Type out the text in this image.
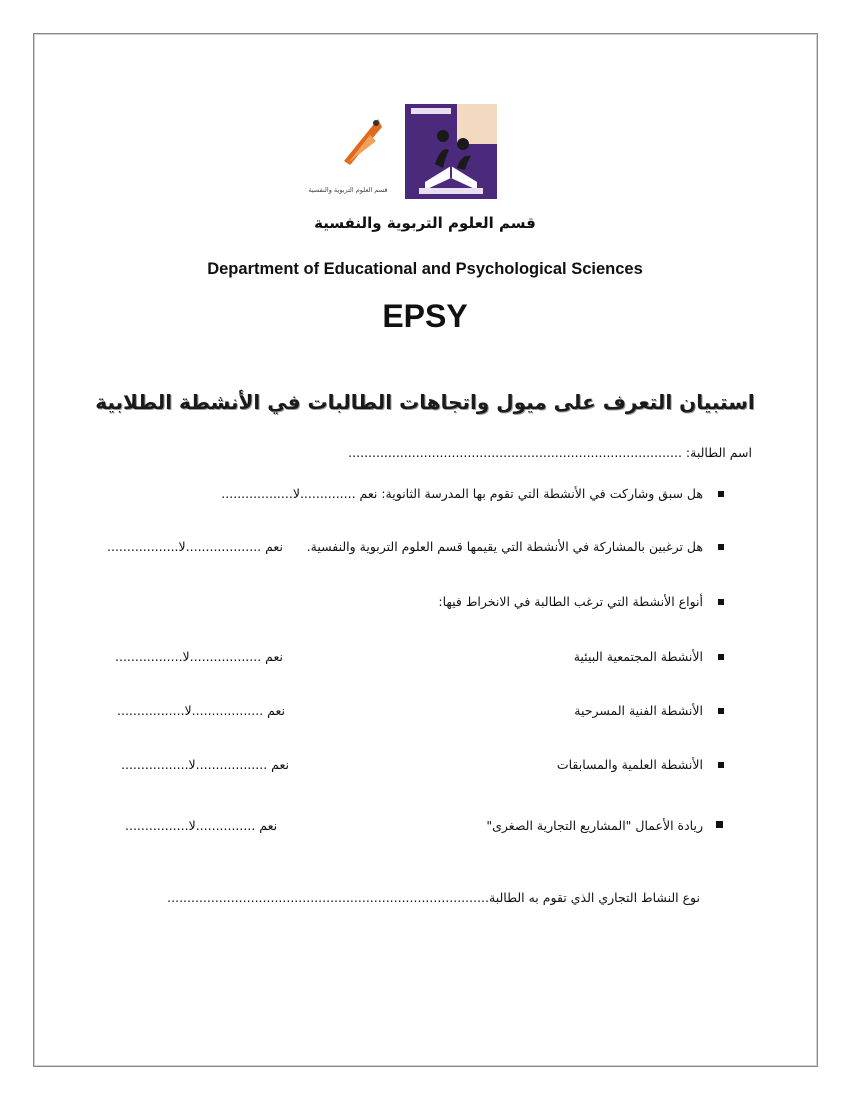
قسم العلوم التربوية والنفسية
قسم العلوم التربوية والنفسية
Department of Educational and Psychological Sciences
EPSY
استبيان التعرف على ميول واتجاهات الطالبات في الأنشطة الطلابية
اسم الطالبة: ....................................................................................
هل سبق وشاركت في الأنشطة التي تقوم بها المدرسة الثانوية: نعم ..............لا..................
هل ترغبين بالمشاركة في الأنشطة التي يقيمها قسم العلوم التربوية والنفسية.
نعم ...................لا..................
أنواع الأنشطة التي ترغب الطالبة في الانخراط فيها:
الأنشطة المجتمعية البيئية
نعم ..................لا.................
الأنشطة الفنية المسرحية
نعم ..................لا.................
الأنشطة العلمية والمسابقات
نعم ..................لا.................
ريادة الأعمال "المشاريع التجارية الصغرى"
نعم ...............لا................
نوع النشاط التجاري الذي تقوم به الطالبة.................................................................................
